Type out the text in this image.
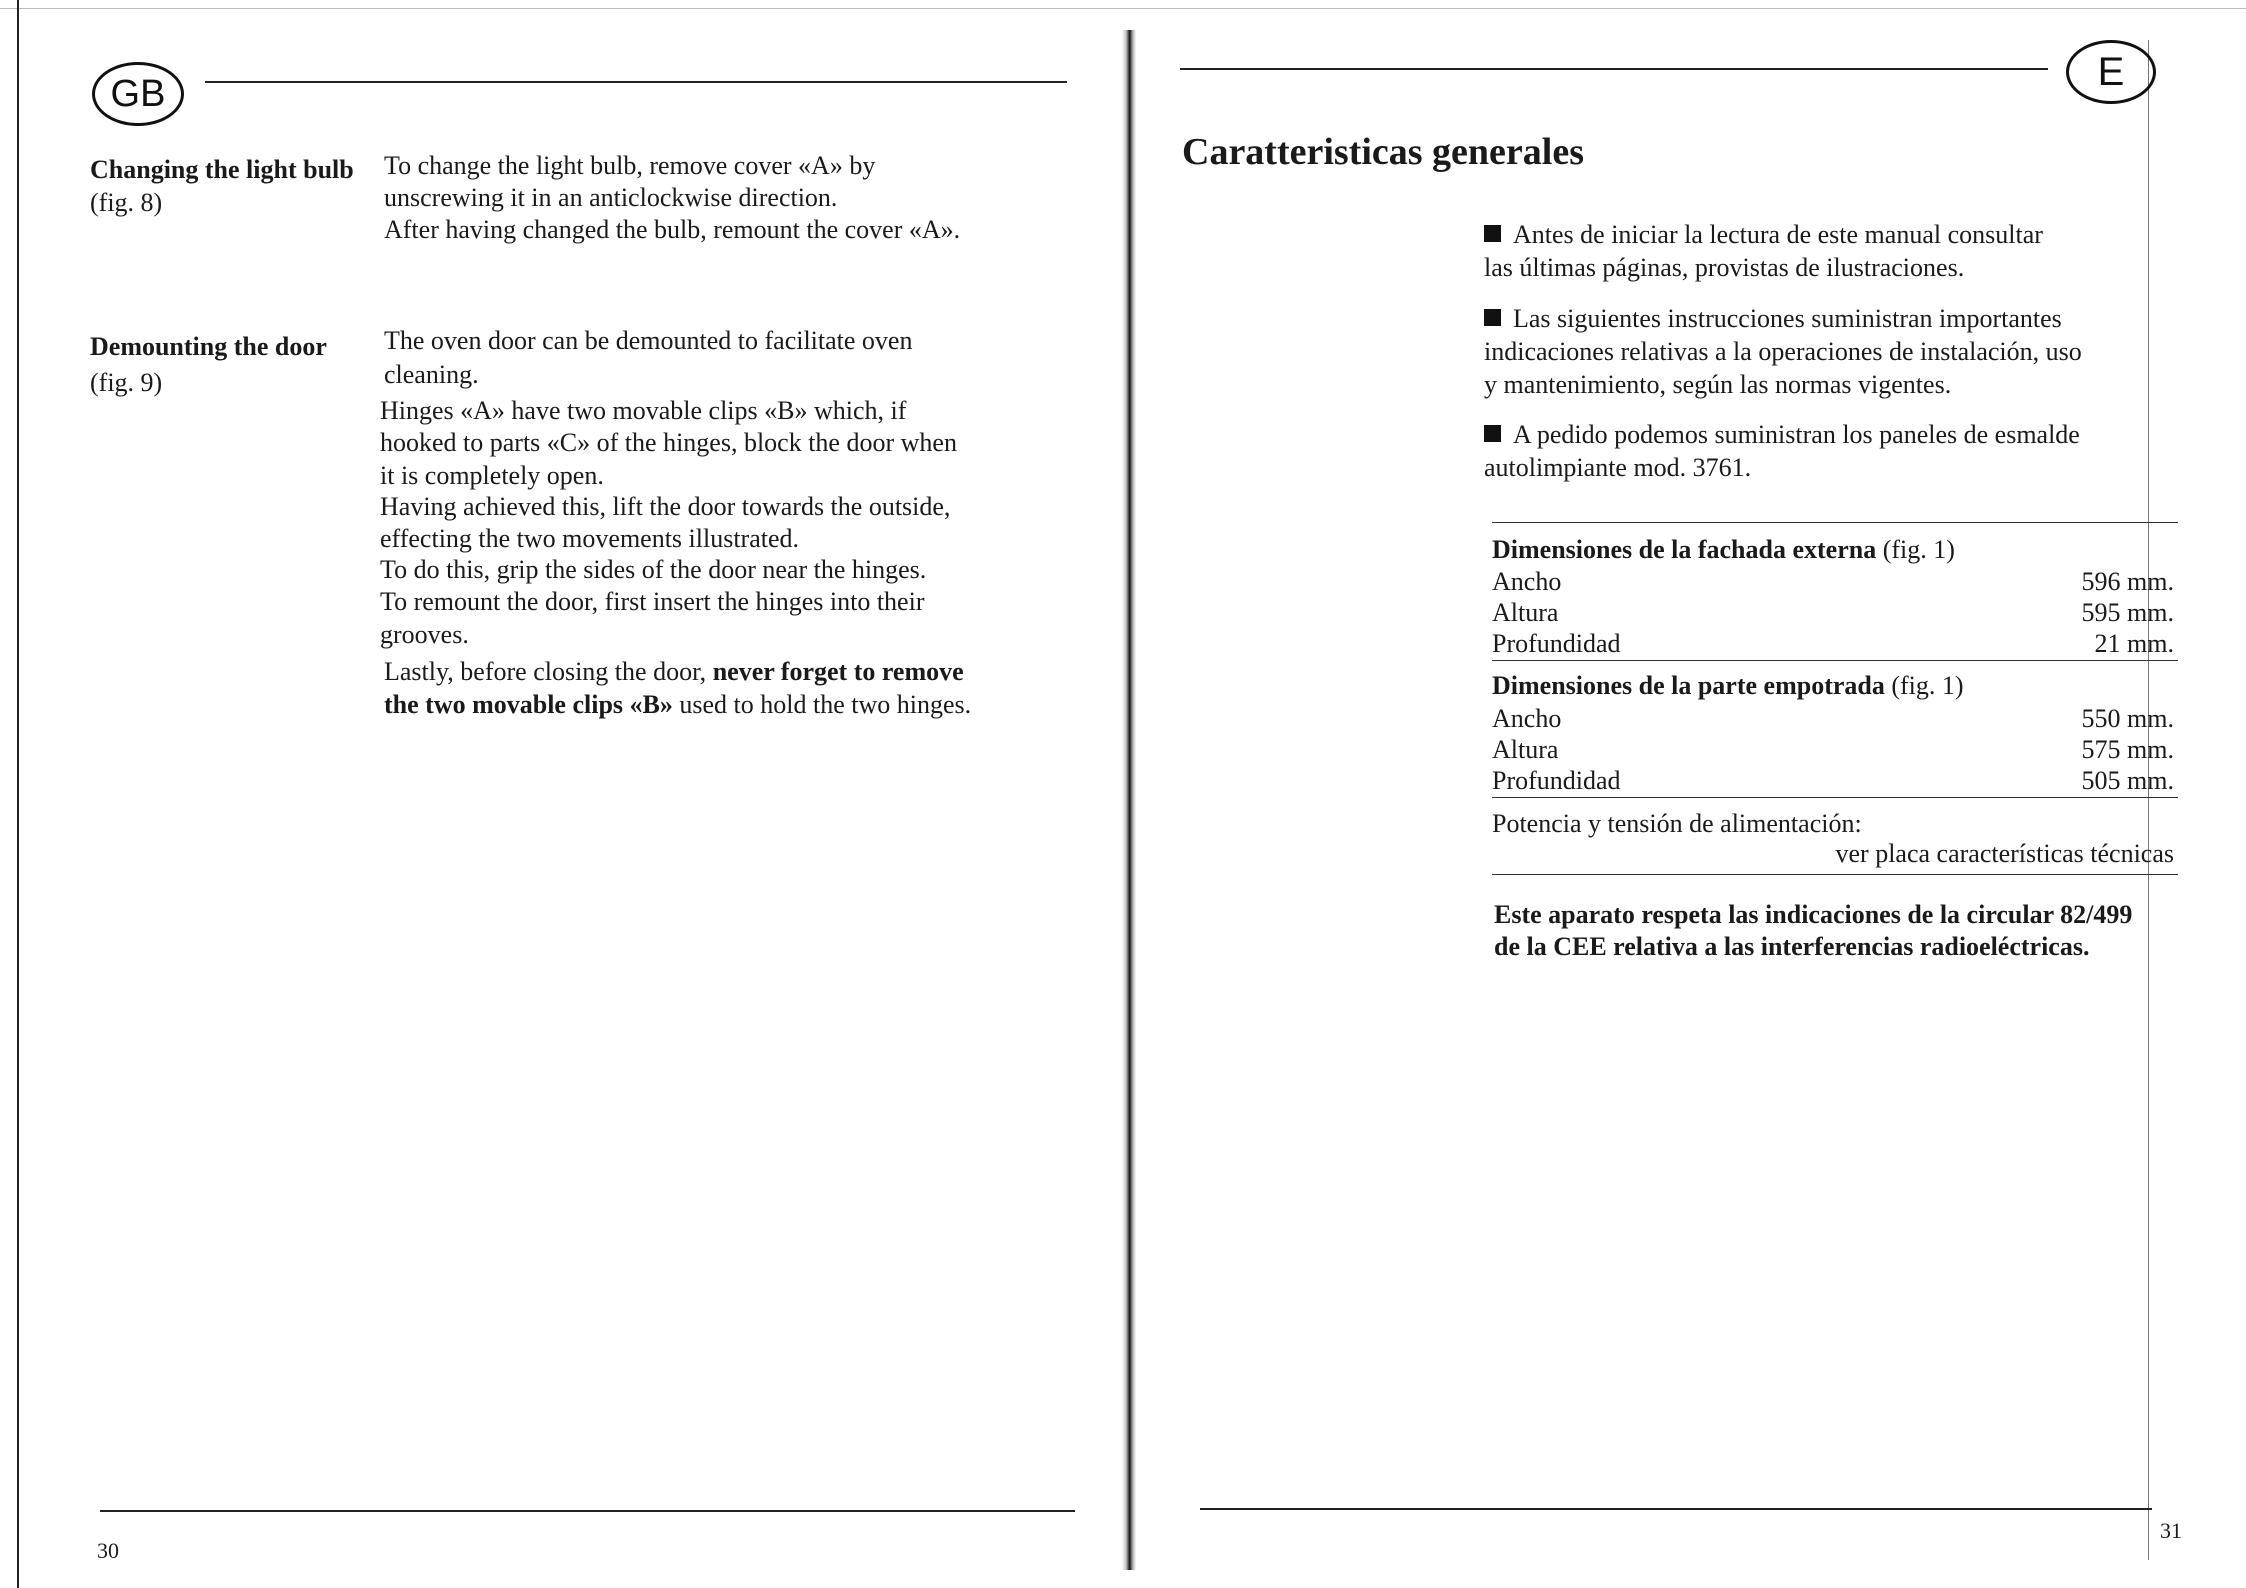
GB
Changing the light bulb
(fig. 8)
To change the light bulb, remove cover «A» by
unscrewing it in an anticlockwise direction.
After having changed the bulb, remount the cover «A».
Demounting the door
(fig. 9)
The oven door can be demounted to facilitate oven
cleaning.
Hinges «A» have two movable clips «B» which, if
hooked to parts «C» of the hinges, block the door when
it is completely open.
Having achieved this, lift the door towards the outside,
effecting the two movements illustrated.
To do this, grip the sides of the door near the hinges.
To remount the door, first insert the hinges into their
grooves.
Lastly, before closing the door, never forget to remove
the two movable clips «B» used to hold the two hinges.
30
E
Caratteristicas generales
Antes de iniciar la lectura de este manual consultar
las últimas páginas, provistas de ilustraciones.
Las siguientes instrucciones suministran importantes
indicaciones relativas a la operaciones de instalación, uso
y mantenimiento, según las normas vigentes.
A pedido podemos suministran los paneles de esmalde
autolimpiante mod. 3761.
Dimensiones de la fachada externa
(fig. 1)
Ancho	596 mm.
Altura	595 mm.
Profundidad	21 mm.
Dimensiones de la parte empotrada
(fig. 1)
Ancho	550 mm.
Altura	575 mm.
Profundidad	505 mm.
Potencia y tensión de alimentación:
ver placa características técnicas
Este aparato respeta las indicaciones de la circular 82/499
de la CEE relativa a las interferencias radioeléctricas.
31
